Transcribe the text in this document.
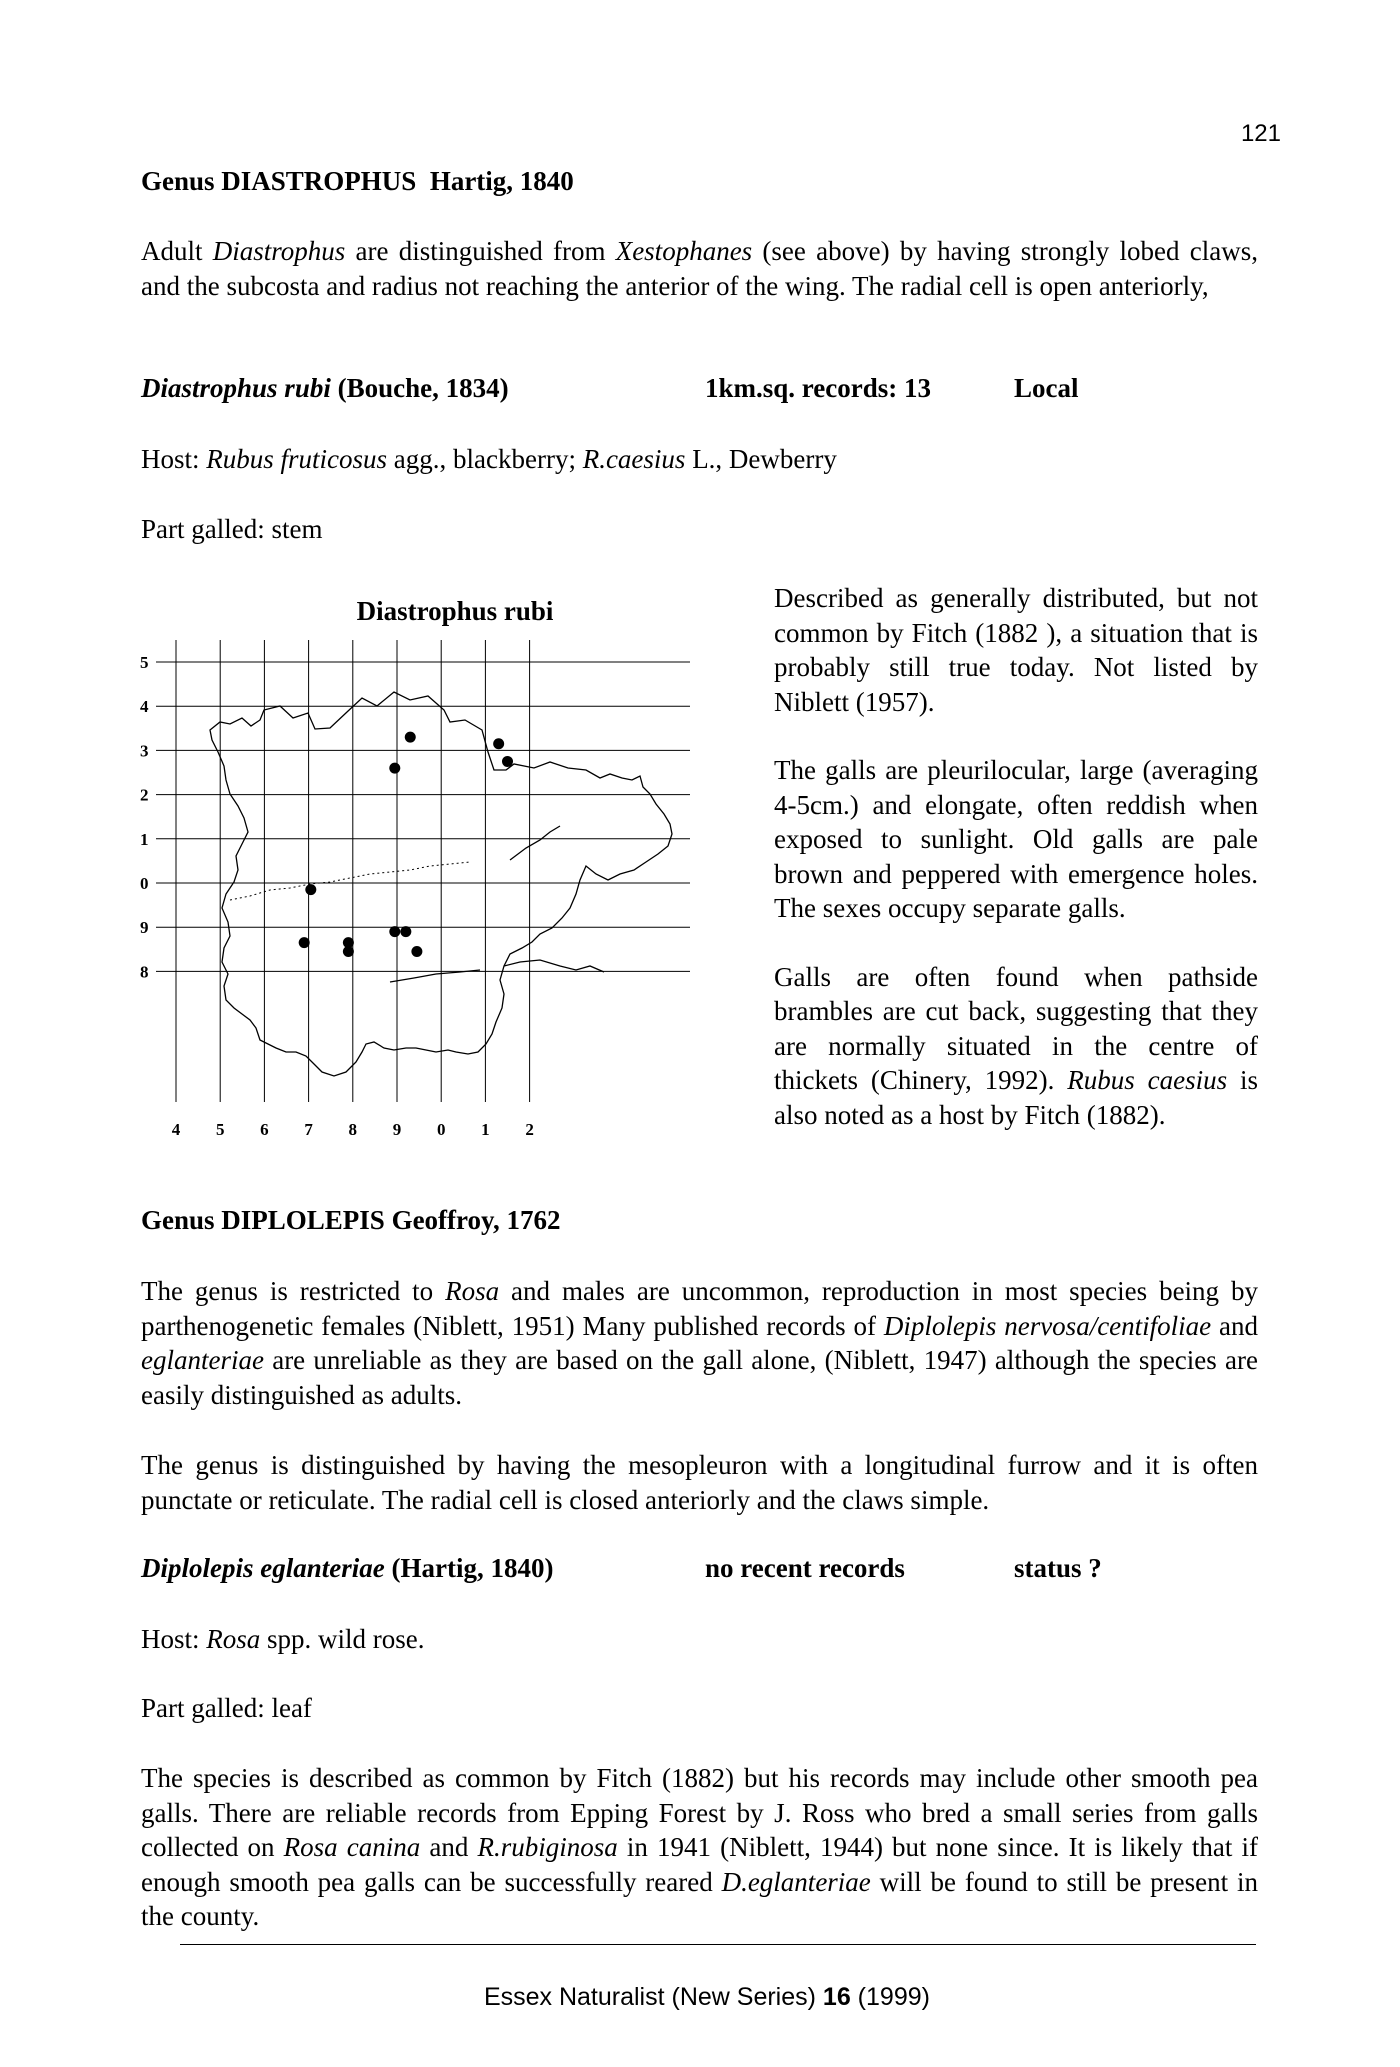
121
Genus DIASTROPHUS  Hartig, 1840

Adult Diastrophus are distinguished from Xestophanes (see above) by having strongly lobed claws, and the subcosta and radius not reaching the anterior of the wing. The radial cell is open anteriorly,

Diastrophus rubi (Bouche, 1834)	1km.sq. records: 13	Local

Host: Rubus fruticosus agg., blackberry; R.caesius L., Dewberry

Part galled: stem

Diastrophus rubi
4 5 6 7 8 9 0 1 2
5
4
3
2
1
0
9
8

Described as generally distributed, but not common by Fitch (1882 ), a situation that is probably still true today. Not listed by Niblett (1957).

The galls are pleurilocular, large (averaging 4-5cm.) and elongate, often reddish when exposed to sunlight. Old galls are pale brown and peppered with emergence holes. The sexes occupy separate galls.

Galls are often found when pathside brambles are cut back, suggesting that they are normally situated in the centre of thickets (Chinery, 1992). Rubus caesius is also noted as a host by Fitch (1882).

Genus DIPLOLEPIS Geoffroy, 1762

The genus is restricted to Rosa and males are uncommon, reproduction in most species being by parthenogenetic females (Niblett, 1951) Many published records of Diplolepis nervosa/centifoliae and eglanteriae are unreliable as they are based on the gall alone, (Niblett, 1947) although the species are easily distinguished as adults.

The genus is distinguished by having the mesopleuron with a longitudinal furrow and it is often punctate or reticulate. The radial cell is closed anteriorly and the claws simple.

Diplolepis eglanteriae (Hartig, 1840)	no recent records	status ?

Host: Rosa spp. wild rose.

Part galled: leaf

The species is described as common by Fitch (1882) but his records may include other smooth pea galls. There are reliable records from Epping Forest by J. Ross who bred a small series from galls collected on Rosa canina and R.rubiginosa in 1941 (Niblett, 1944) but none since. It is likely that if enough smooth pea galls can be successfully reared D.eglanteriae will be found to still be present in the county.

Essex Naturalist (New Series) 16 (1999)
